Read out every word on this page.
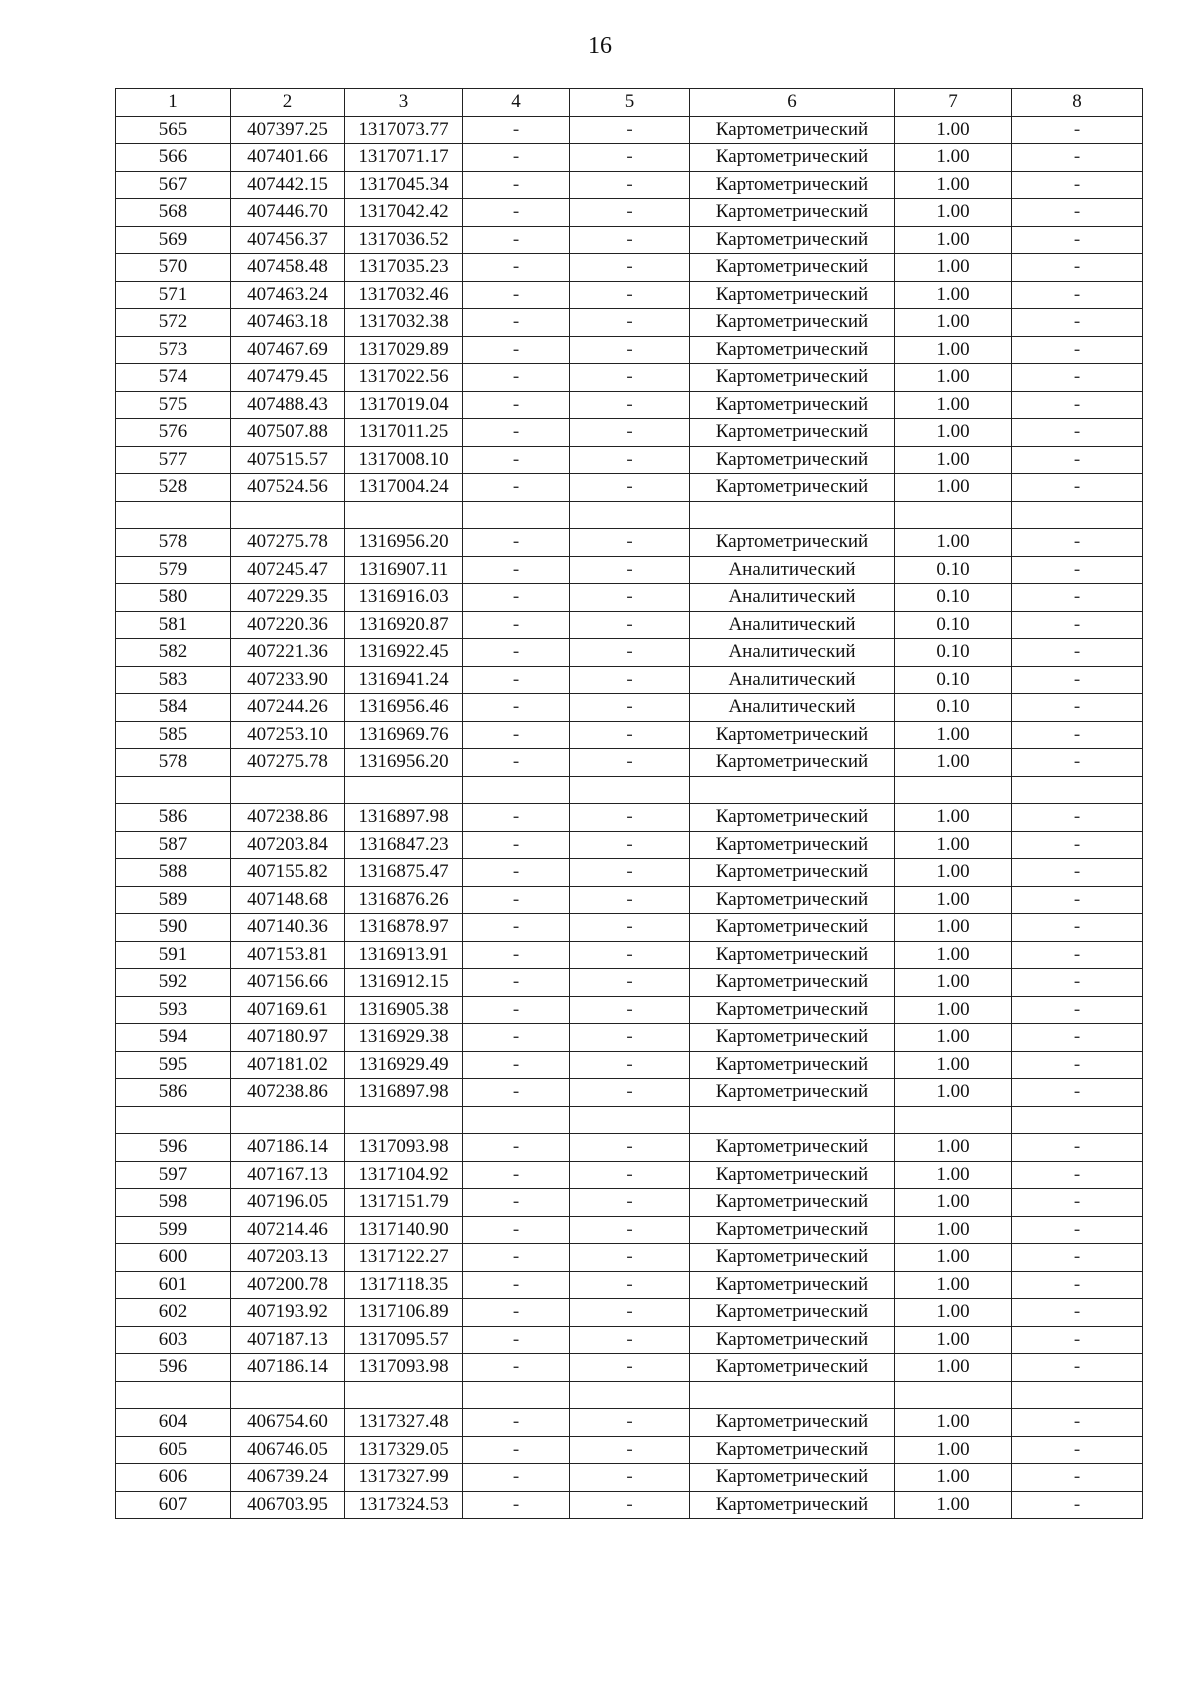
16
1	2	3	4	5	6	7	8
565	407397.25	1317073.77	-	-	Картометрический	1.00	-
566	407401.66	1317071.17	-	-	Картометрический	1.00	-
567	407442.15	1317045.34	-	-	Картометрический	1.00	-
568	407446.70	1317042.42	-	-	Картометрический	1.00	-
569	407456.37	1317036.52	-	-	Картометрический	1.00	-
570	407458.48	1317035.23	-	-	Картометрический	1.00	-
571	407463.24	1317032.46	-	-	Картометрический	1.00	-
572	407463.18	1317032.38	-	-	Картометрический	1.00	-
573	407467.69	1317029.89	-	-	Картометрический	1.00	-
574	407479.45	1317022.56	-	-	Картометрический	1.00	-
575	407488.43	1317019.04	-	-	Картометрический	1.00	-
576	407507.88	1317011.25	-	-	Картометрический	1.00	-
577	407515.57	1317008.10	-	-	Картометрический	1.00	-
528	407524.56	1317004.24	-	-	Картометрический	1.00	-

578	407275.78	1316956.20	-	-	Картометрический	1.00	-
579	407245.47	1316907.11	-	-	Аналитический	0.10	-
580	407229.35	1316916.03	-	-	Аналитический	0.10	-
581	407220.36	1316920.87	-	-	Аналитический	0.10	-
582	407221.36	1316922.45	-	-	Аналитический	0.10	-
583	407233.90	1316941.24	-	-	Аналитический	0.10	-
584	407244.26	1316956.46	-	-	Аналитический	0.10	-
585	407253.10	1316969.76	-	-	Картометрический	1.00	-
578	407275.78	1316956.20	-	-	Картометрический	1.00	-

586	407238.86	1316897.98	-	-	Картометрический	1.00	-
587	407203.84	1316847.23	-	-	Картометрический	1.00	-
588	407155.82	1316875.47	-	-	Картометрический	1.00	-
589	407148.68	1316876.26	-	-	Картометрический	1.00	-
590	407140.36	1316878.97	-	-	Картометрический	1.00	-
591	407153.81	1316913.91	-	-	Картометрический	1.00	-
592	407156.66	1316912.15	-	-	Картометрический	1.00	-
593	407169.61	1316905.38	-	-	Картометрический	1.00	-
594	407180.97	1316929.38	-	-	Картометрический	1.00	-
595	407181.02	1316929.49	-	-	Картометрический	1.00	-
586	407238.86	1316897.98	-	-	Картометрический	1.00	-

596	407186.14	1317093.98	-	-	Картометрический	1.00	-
597	407167.13	1317104.92	-	-	Картометрический	1.00	-
598	407196.05	1317151.79	-	-	Картометрический	1.00	-
599	407214.46	1317140.90	-	-	Картометрический	1.00	-
600	407203.13	1317122.27	-	-	Картометрический	1.00	-
601	407200.78	1317118.35	-	-	Картометрический	1.00	-
602	407193.92	1317106.89	-	-	Картометрический	1.00	-
603	407187.13	1317095.57	-	-	Картометрический	1.00	-
596	407186.14	1317093.98	-	-	Картометрический	1.00	-

604	406754.60	1317327.48	-	-	Картометрический	1.00	-
605	406746.05	1317329.05	-	-	Картометрический	1.00	-
606	406739.24	1317327.99	-	-	Картометрический	1.00	-
607	406703.95	1317324.53	-	-	Картометрический	1.00	-
